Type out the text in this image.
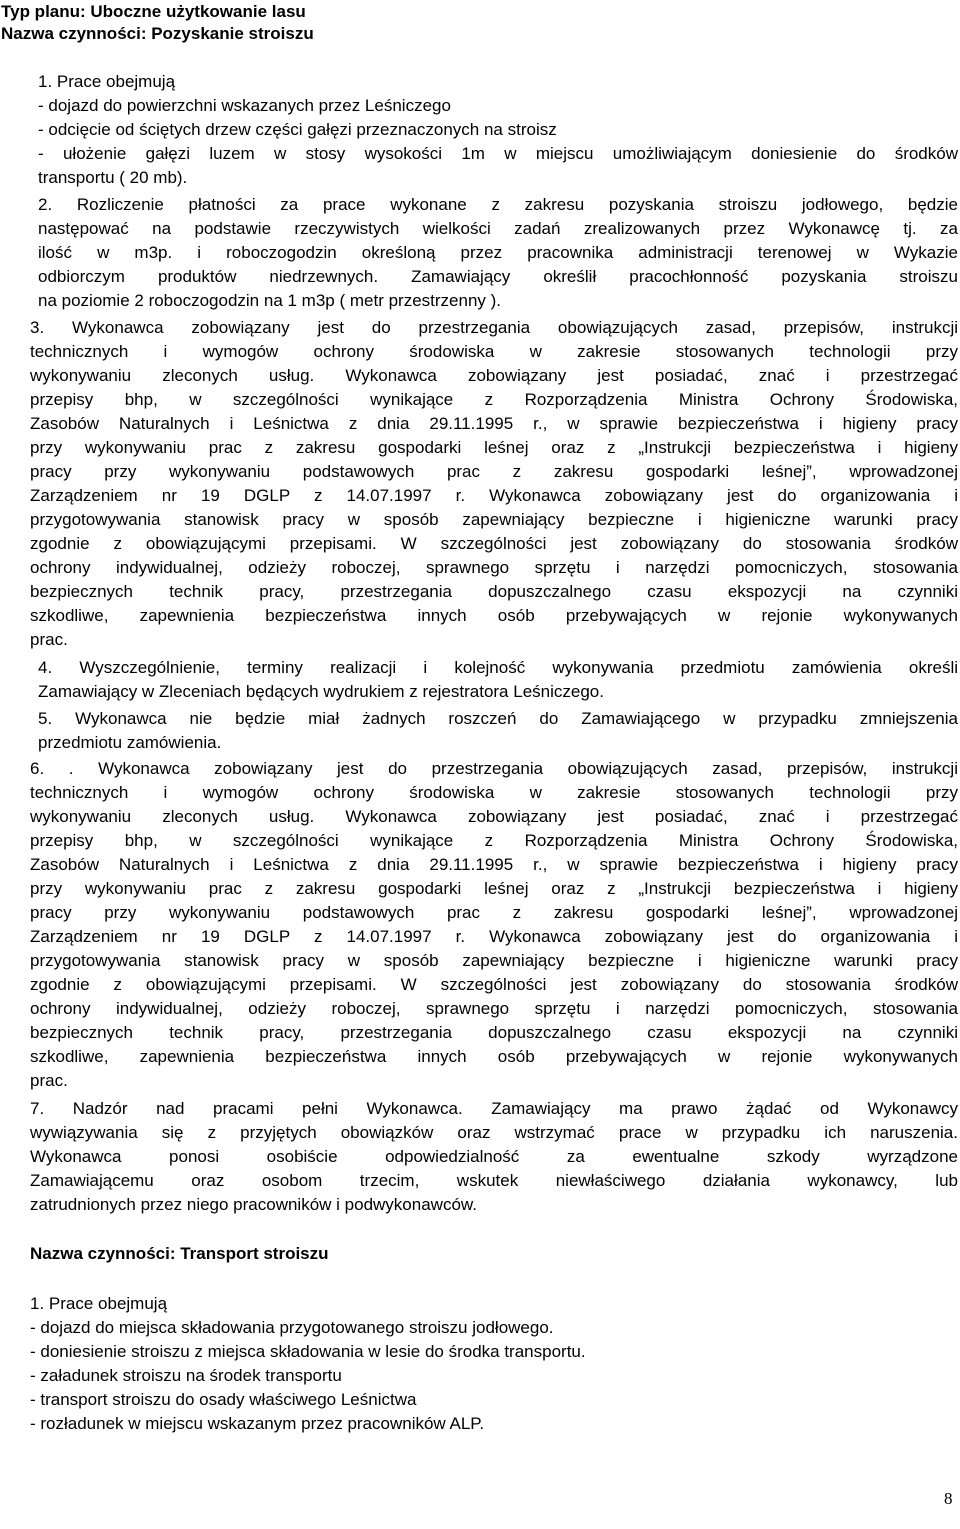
Typ planu: Uboczne użytkowanie lasu
Nazwa czynności: Pozyskanie stroiszu
1. Prace obejmują
- dojazd do powierzchni wskazanych przez Leśniczego
- odcięcie od ściętych drzew części gałęzi przeznaczonych na stroisz
- ułożenie gałęzi luzem w stosy wysokości 1m w miejscu umożliwiającym doniesienie do środków
transportu ( 20 mb).
2. Rozliczenie płatności za prace wykonane z zakresu pozyskania stroiszu jodłowego, będzie
następować na podstawie rzeczywistych wielkości zadań zrealizowanych przez Wykonawcę tj. za
ilość w m3p. i roboczogodzin określoną przez pracownika administracji terenowej w Wykazie
odbiorczym produktów niedrzewnych. Zamawiający określił pracochłonność pozyskania stroiszu
na poziomie 2 roboczogodzin na 1 m3p ( metr przestrzenny ).
3. Wykonawca zobowiązany jest do przestrzegania obowiązujących zasad, przepisów, instrukcji
technicznych i wymogów ochrony środowiska w zakresie stosowanych technologii przy
wykonywaniu zleconych usług. Wykonawca zobowiązany jest posiadać, znać i przestrzegać
przepisy bhp, w szczególności wynikające z Rozporządzenia Ministra Ochrony Środowiska,
Zasobów Naturalnych i Leśnictwa z dnia 29.11.1995 r., w sprawie bezpieczeństwa i higieny pracy
przy wykonywaniu prac z zakresu gospodarki leśnej oraz z „Instrukcji bezpieczeństwa i higieny
pracy przy wykonywaniu podstawowych prac z zakresu gospodarki leśnej”, wprowadzonej
Zarządzeniem nr 19 DGLP z 14.07.1997 r. Wykonawca zobowiązany jest do organizowania i
przygotowywania stanowisk pracy w sposób zapewniający bezpieczne i higieniczne warunki pracy
zgodnie z obowiązującymi przepisami. W szczególności jest zobowiązany do stosowania środków
ochrony indywidualnej, odzieży roboczej, sprawnego sprzętu i narzędzi pomocniczych, stosowania
bezpiecznych technik pracy, przestrzegania dopuszczalnego czasu ekspozycji na czynniki
szkodliwe, zapewnienia bezpieczeństwa innych osób przebywających w rejonie wykonywanych
prac.
4. Wyszczególnienie, terminy realizacji i kolejność wykonywania przedmiotu zamówienia określi
Zamawiający w Zleceniach będących wydrukiem z rejestratora Leśniczego.
5. Wykonawca nie będzie miał żadnych roszczeń do Zamawiającego w przypadku zmniejszenia
przedmiotu zamówienia.
6. . Wykonawca zobowiązany jest do przestrzegania obowiązujących zasad, przepisów, instrukcji
technicznych i wymogów ochrony środowiska w zakresie stosowanych technologii przy
wykonywaniu zleconych usług. Wykonawca zobowiązany jest posiadać, znać i przestrzegać
przepisy bhp, w szczególności wynikające z Rozporządzenia Ministra Ochrony Środowiska,
Zasobów Naturalnych i Leśnictwa z dnia 29.11.1995 r., w sprawie bezpieczeństwa i higieny pracy
przy wykonywaniu prac z zakresu gospodarki leśnej oraz z „Instrukcji bezpieczeństwa i higieny
pracy przy wykonywaniu podstawowych prac z zakresu gospodarki leśnej”, wprowadzonej
Zarządzeniem nr 19 DGLP z 14.07.1997 r. Wykonawca zobowiązany jest do organizowania i
przygotowywania stanowisk pracy w sposób zapewniający bezpieczne i higieniczne warunki pracy
zgodnie z obowiązującymi przepisami. W szczególności jest zobowiązany do stosowania środków
ochrony indywidualnej, odzieży roboczej, sprawnego sprzętu i narzędzi pomocniczych, stosowania
bezpiecznych technik pracy, przestrzegania dopuszczalnego czasu ekspozycji na czynniki
szkodliwe, zapewnienia bezpieczeństwa innych osób przebywających w rejonie wykonywanych
prac.
7. Nadzór nad pracami pełni Wykonawca. Zamawiający ma prawo żądać od Wykonawcy
wywiązywania się z przyjętych obowiązków oraz wstrzymać prace w przypadku ich naruszenia.
Wykonawca ponosi osobiście odpowiedzialność za ewentualne szkody wyrządzone
Zamawiającemu oraz osobom trzecim, wskutek niewłaściwego działania wykonawcy, lub
zatrudnionych przez niego pracowników i podwykonawców.
Nazwa czynności: Transport stroiszu
1. Prace obejmują
- dojazd do miejsca składowania przygotowanego stroiszu jodłowego.
- doniesienie stroiszu z miejsca składowania w lesie do środka transportu.
- załadunek stroiszu na środek transportu
- transport stroiszu do osady właściwego Leśnictwa
- rozładunek w miejscu wskazanym przez pracowników ALP.
8
